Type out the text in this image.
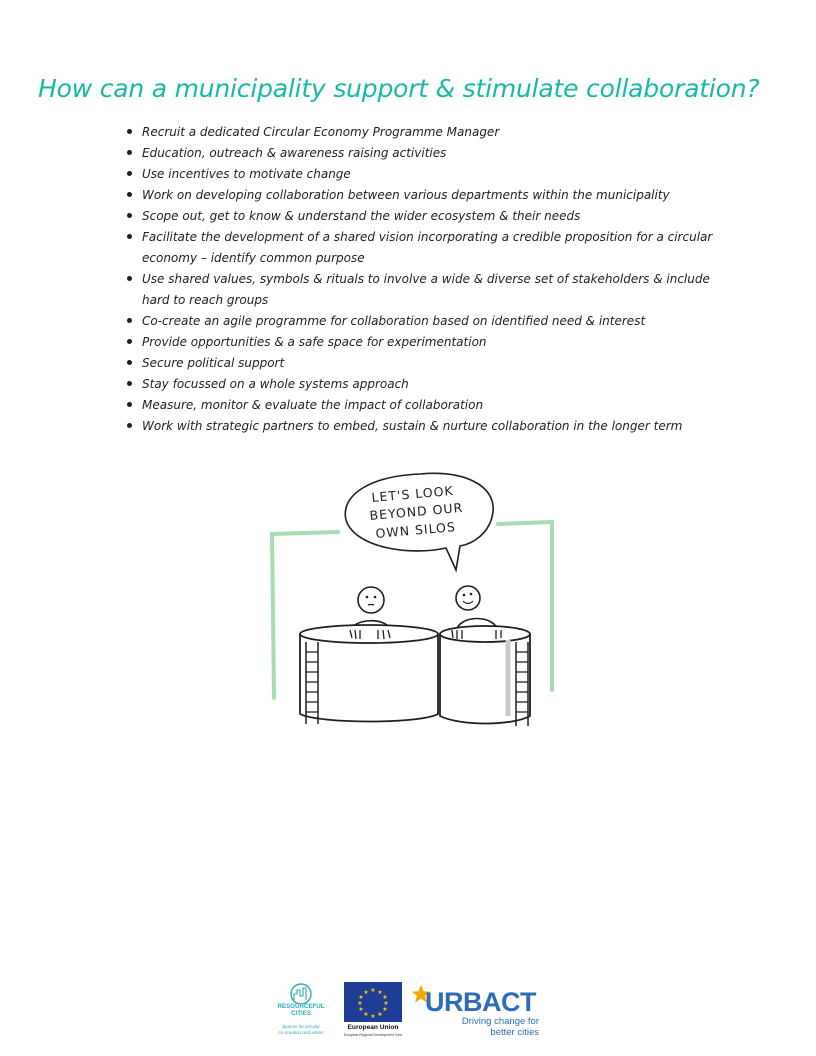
How can a municipality support & stimulate collaboration?
Recruit a dedicated Circular Economy Programme Manager
Education, outreach & awareness raising activities
Use incentives to motivate change
Work on developing collaboration between various departments within the municipality
Scope out, get to know & understand the wider ecosystem & their needs
Facilitate the development of a shared vision incorporating a credible proposition for a circular economy – identify common purpose
Use shared values, symbols & rituals to involve a wide & diverse set of stakeholders & include hard to reach groups
Co-create an agile programme for collaboration based on identified need & interest
Provide opportunities & a safe space for experimentation
Secure political support
Stay focussed on a whole systems approach
Measure, monitor & evaluate the impact of collaboration
Work with strategic partners to embed, sustain & nurture collaboration in the longer term
LET'S LOOK
BEYOND OUR
OWN SILOS
RESOURCEFUL
CITIES
Spaces for circular
co-creation and action
★ ★
★
★
★
★
★
★
★
★
★
★
European Union
European Regional Development Fund
URBACT
Driving change for
better cities
